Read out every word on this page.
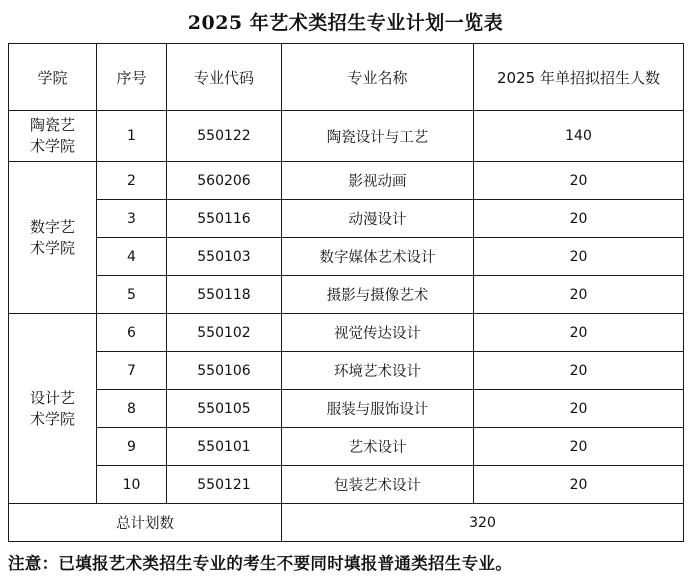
2025 年艺术类招生专业计划一览表
学院	序号	专业代码	专业名称	2025 年单招拟招生人数
陶瓷艺
术学院	1	550122	陶瓷设计与工艺	140
数字艺
术学院	2	560206	影视动画	20
	3	550116	动漫设计	20
	4	550103	数字媒体艺术设计	20
	5	550118	摄影与摄像艺术	20
设计艺
术学院	6	550102	视觉传达设计	20
	7	550106	环境艺术设计	20
	8	550105	服装与服饰设计	20
	9	550101	艺术设计	20
	10	550121	包装艺术设计	20
总计划数			320	
注意：已填报艺术类招生专业的考生不要同时填报普通类招生专业。
